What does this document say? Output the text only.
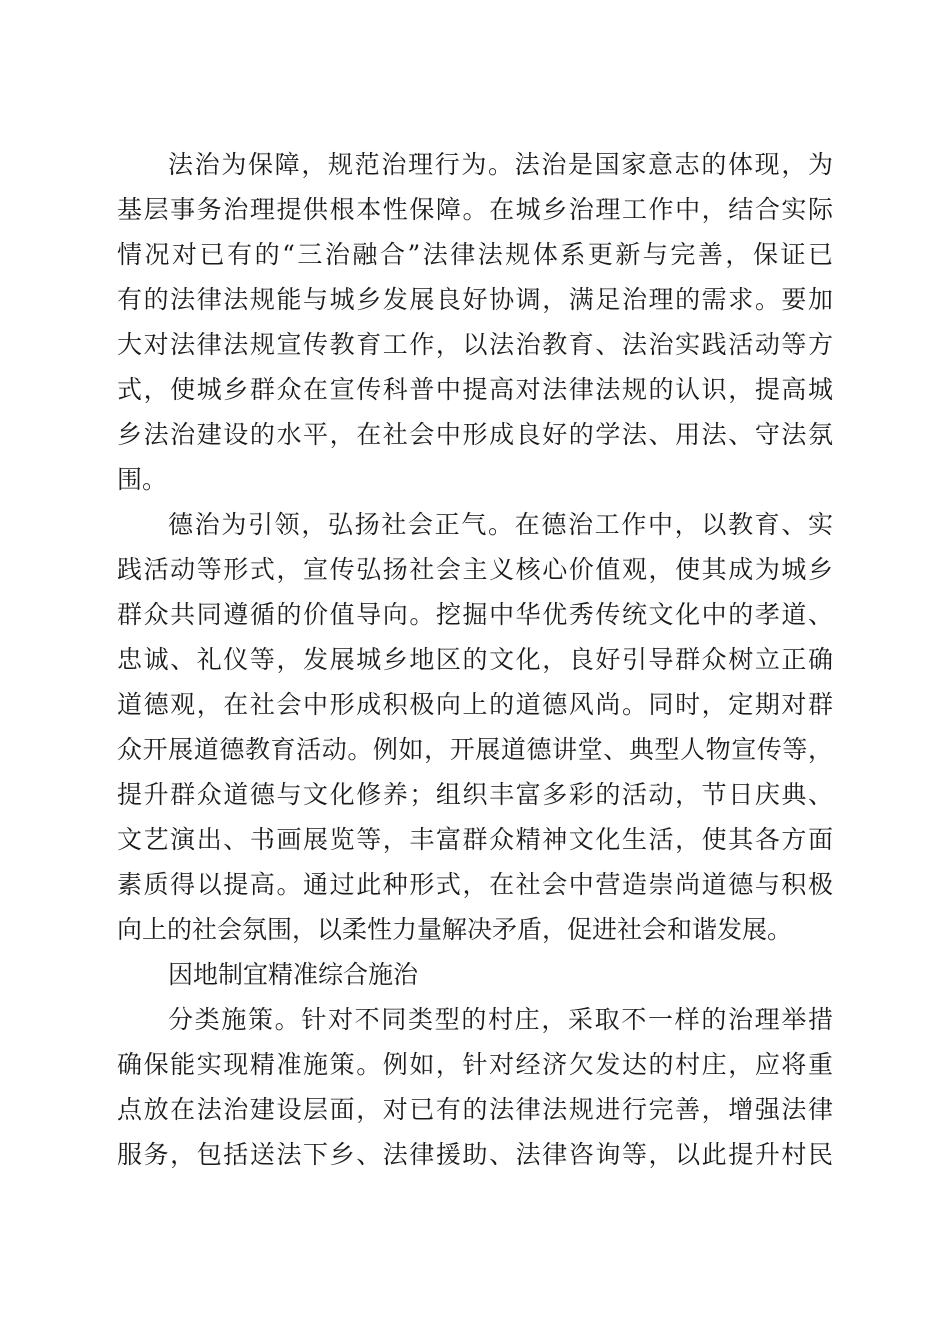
法治为保障，规范治理行为。法治是国家意志的体现，为
基层事务治理提供根本性保障。在城乡治理工作中，结合实际
情况对已有的“三治融合”法律法规体系更新与完善，保证已
有的法律法规能与城乡发展良好协调，满足治理的需求。要加
大对法律法规宣传教育工作，以法治教育、法治实践活动等方
式，使城乡群众在宣传科普中提高对法律法规的认识，提高城
乡法治建设的水平，在社会中形成良好的学法、用法、守法氛
围。
德治为引领，弘扬社会正气。在德治工作中，以教育、实
践活动等形式，宣传弘扬社会主义核心价值观，使其成为城乡
群众共同遵循的价值导向。挖掘中华优秀传统文化中的孝道、
忠诚、礼仪等，发展城乡地区的文化，良好引导群众树立正确
道德观，在社会中形成积极向上的道德风尚。同时，定期对群
众开展道德教育活动。例如，开展道德讲堂、典型人物宣传等，
提升群众道德与文化修养；组织丰富多彩的活动，节日庆典、
文艺演出、书画展览等，丰富群众精神文化生活，使其各方面
素质得以提高。通过此种形式，在社会中营造崇尚道德与积极
向上的社会氛围，以柔性力量解决矛盾，促进社会和谐发展。
因地制宜精准综合施治
分类施策。针对不同类型的村庄，采取不一样的治理举措
确保能实现精准施策。例如，针对经济欠发达的村庄，应将重
点放在法治建设层面，对已有的法律法规进行完善，增强法律
服务，包括送法下乡、法律援助、法律咨询等，以此提升村民
